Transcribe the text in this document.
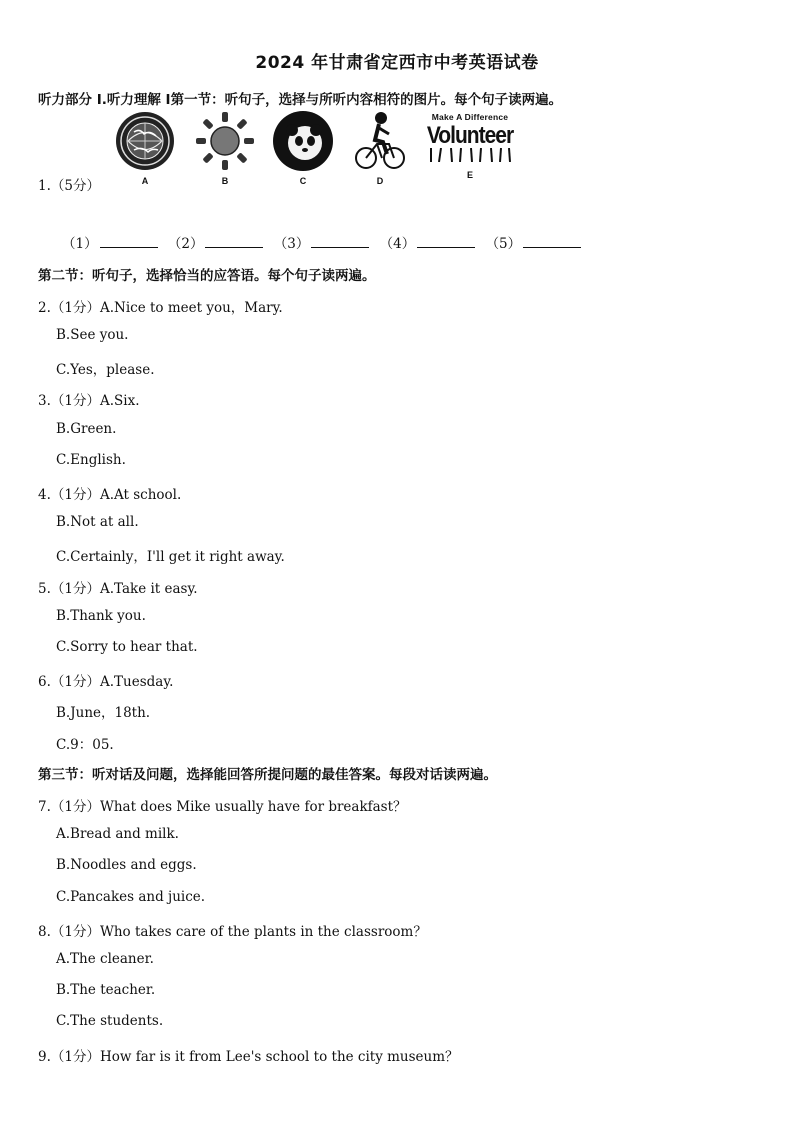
2024 年甘肃省定西市中考英语试卷
听力部分 Ⅰ.听力理解 Ⅰ第一节：听句子，选择与所听内容相符的图片。每个句子读两遍。
A	B	C	D
Make A Difference
Volunteer
E
1.（5分）
（1）	（2）	（3）	（4）	（5）
第二节：听句子，选择恰当的应答语。每个句子读两遍。
2.（1分）A.Nice to meet you，Mary.
B.See you.
C.Yes，please.
3.（1分）A.Six.
B.Green.
C.English.
4.（1分）A.At school.
B.Not at all.
C.Certainly，I'll get it right away.
5.（1分）A.Take it easy.
B.Thank you.
C.Sorry to hear that.
6.（1分）A.Tuesday.
B.June，18th.
C.9：05.
第三节：听对话及问题，选择能回答所提问题的最佳答案。每段对话读两遍。
7.（1分）What does Mike usually have for breakfast？
A.Bread and milk.
B.Noodles and eggs.
C.Pancakes and juice.
8.（1分）Who takes care of the plants in the classroom？
A.The cleaner.
B.The teacher.
C.The students.
9.（1分）How far is it from Lee's school to the city museum？
